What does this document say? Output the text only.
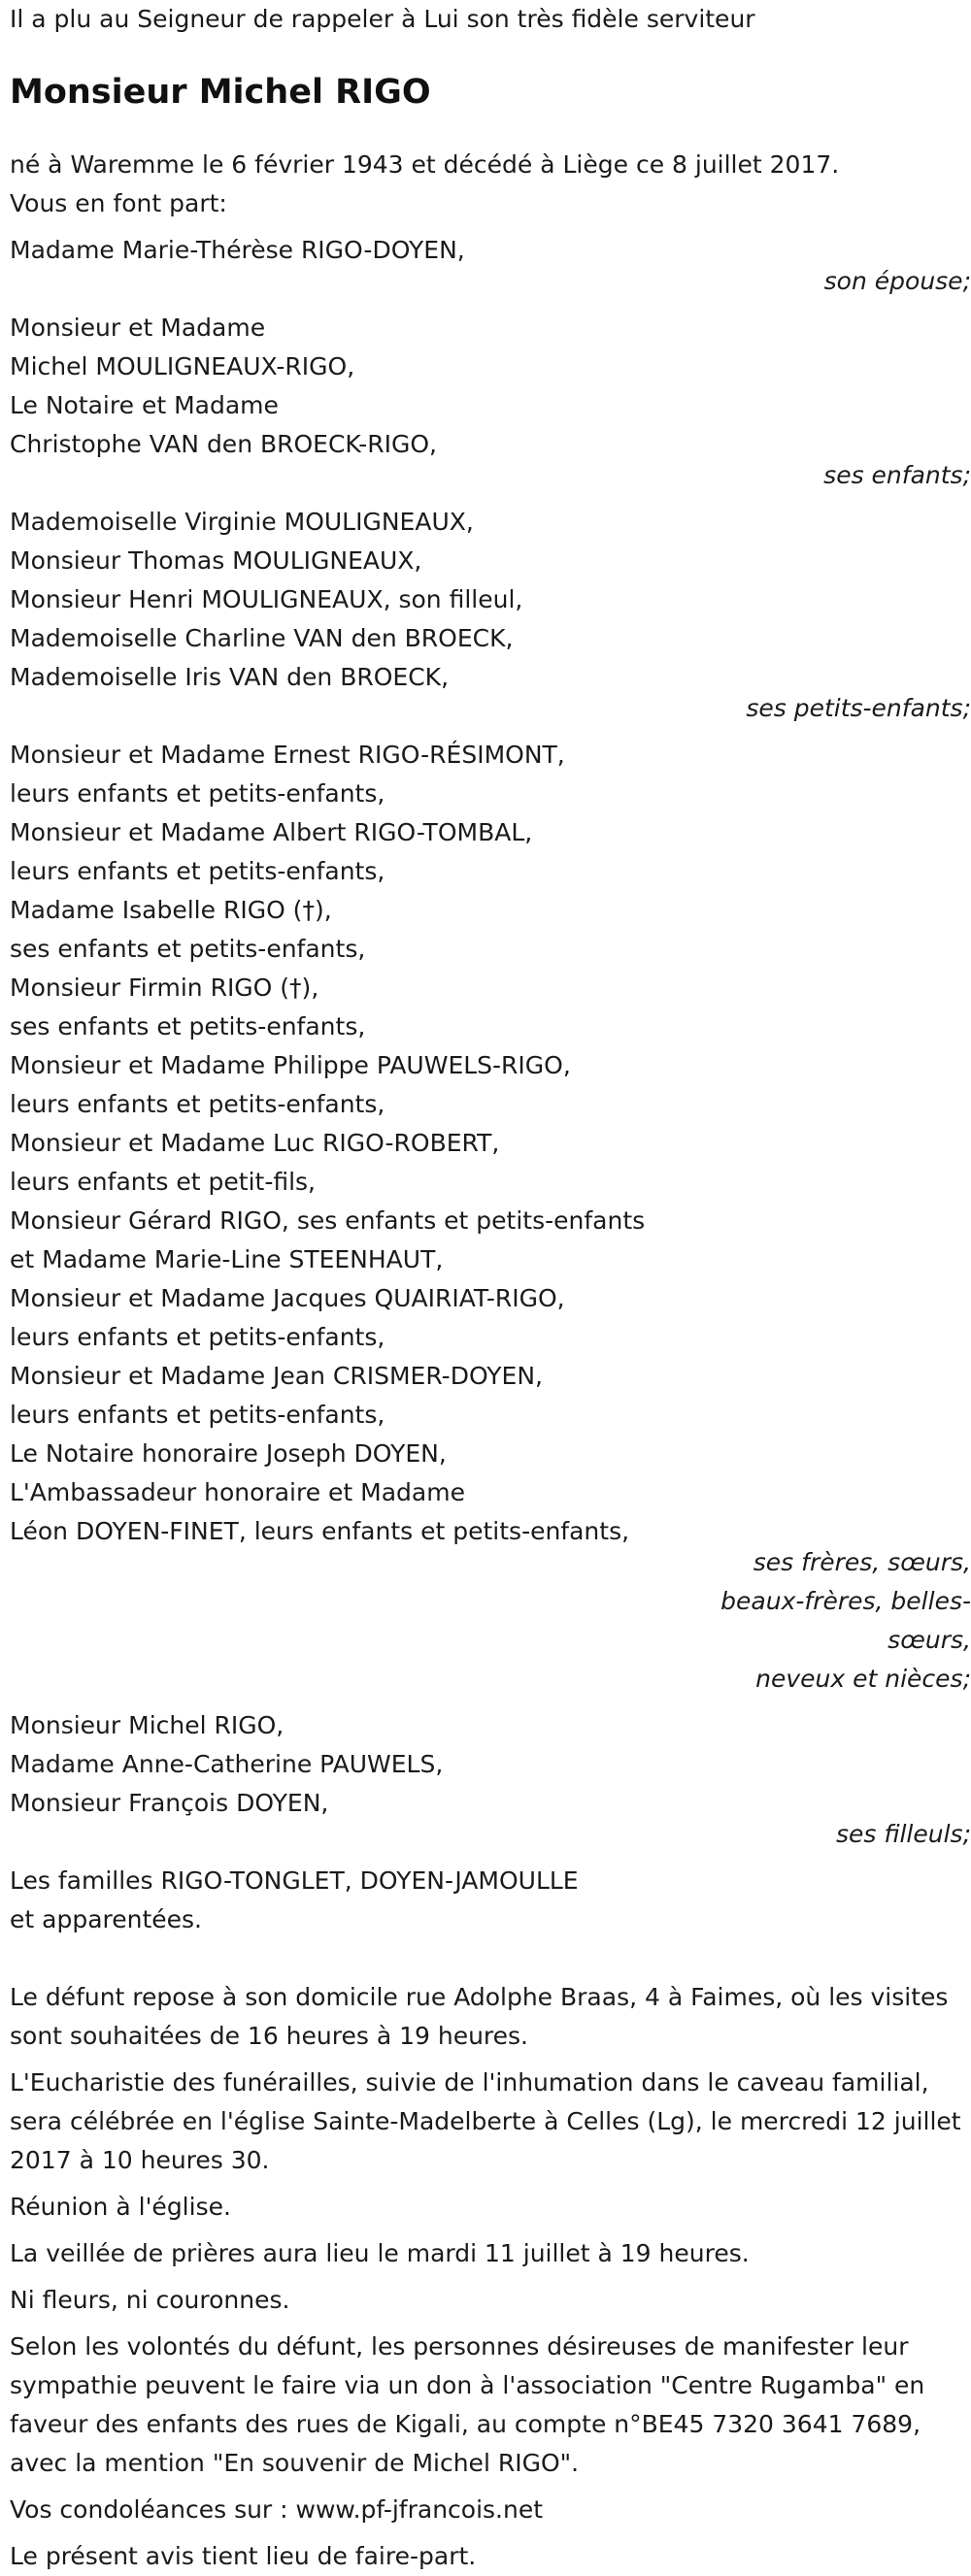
Il a plu au Seigneur de rappeler à Lui son très fidèle serviteur
Monsieur Michel RIGO
né à Waremme le 6 février 1943 et décédé à Liège ce 8 juillet 2017.
Vous en font part:
Madame Marie-Thérèse RIGO-DOYEN,
son épouse;
Monsieur et Madame
Michel MOULIGNEAUX-RIGO,
Le Notaire et Madame
Christophe VAN den BROECK-RIGO,
ses enfants;
Mademoiselle Virginie MOULIGNEAUX,
Monsieur Thomas MOULIGNEAUX,
Monsieur Henri MOULIGNEAUX, son filleul,
Mademoiselle Charline VAN den BROECK,
Mademoiselle Iris VAN den BROECK,
ses petits-enfants;
Monsieur et Madame Ernest RIGO-RÉSIMONT,
leurs enfants et petits-enfants,
Monsieur et Madame Albert RIGO-TOMBAL,
leurs enfants et petits-enfants,
Madame Isabelle RIGO (†),
ses enfants et petits-enfants,
Monsieur Firmin RIGO (†),
ses enfants et petits-enfants,
Monsieur et Madame Philippe PAUWELS-RIGO,
leurs enfants et petits-enfants,
Monsieur et Madame Luc RIGO-ROBERT,
leurs enfants et petit-fils,
Monsieur Gérard RIGO, ses enfants et petits-enfants
et Madame Marie-Line STEENHAUT,
Monsieur et Madame Jacques QUAIRIAT-RIGO,
leurs enfants et petits-enfants,
Monsieur et Madame Jean CRISMER-DOYEN,
leurs enfants et petits-enfants,
Le Notaire honoraire Joseph DOYEN,
L'Ambassadeur honoraire et Madame
Léon DOYEN-FINET, leurs enfants et petits-enfants,
ses frères, sœurs,
beaux-frères, belles-
sœurs,
neveux et nièces;
Monsieur Michel RIGO,
Madame Anne-Catherine PAUWELS,
Monsieur François DOYEN,
ses filleuls;
Les familles RIGO-TONGLET, DOYEN-JAMOULLE
et apparentées.
Le défunt repose à son domicile rue Adolphe Braas, 4 à Faimes, où les visites sont souhaitées de 16 heures à 19 heures.
L'Eucharistie des funérailles, suivie de l'inhumation dans le caveau familial, sera célébrée en l'église Sainte-Madelberte à Celles (Lg), le mercredi 12 juillet 2017 à 10 heures 30.
Réunion à l'église.
La veillée de prières aura lieu le mardi 11 juillet à 19 heures.
Ni fleurs, ni couronnes.
Selon les volontés du défunt, les personnes désireuses de manifester leur sympathie peuvent le faire via un don à l'association "Centre Rugamba" en faveur des enfants des rues de Kigali, au compte n°BE45 7320 3641 7689, avec la mention "En souvenir de Michel RIGO".
Vos condoléances sur : www.pf-jfrancois.net
Le présent avis tient lieu de faire-part.
